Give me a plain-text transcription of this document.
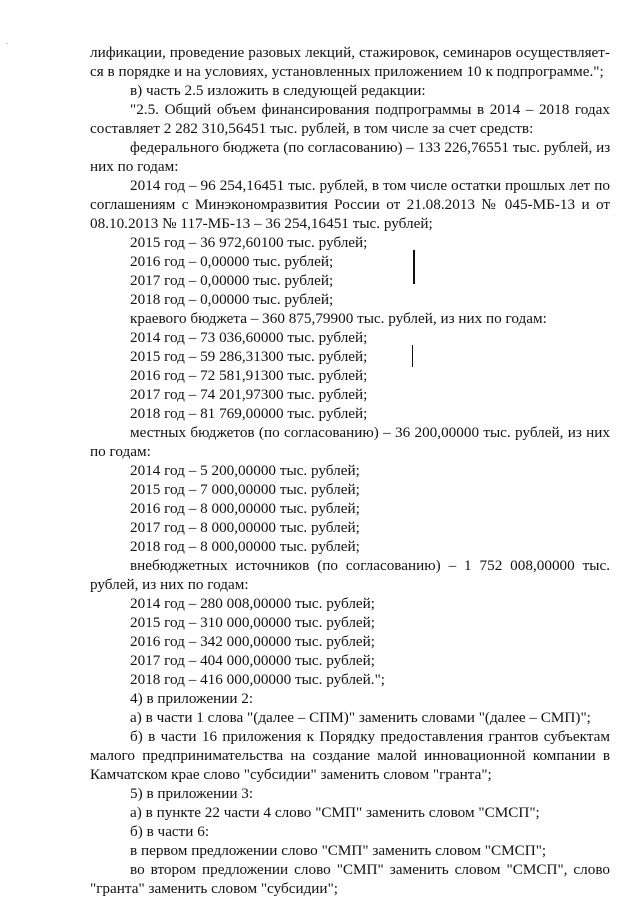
.
лификации, проведение разовых лекций, стажировок, семинаров осуществляет-
ся в порядке и на условиях, установленных приложением 10 к подпрограмме.";
в) часть 2.5 изложить в следующей редакции:
"2.5. Общий объем финансирования подпрограммы в 2014 – 2018 годах
составляет 2 282 310,56451 тыс. рублей, в том числе за счет средств:
федерального бюджета (по согласованию) – 133 226,76551 тыс. рублей, из
них по годам:
2014 год – 96 254,16451 тыс. рублей, в том числе остатки прошлых лет по
соглашениям с Минэкономразвития России от 21.08.2013 № 045-МБ-13 и от
08.10.2013 № 117-МБ-13 – 36 254,16451 тыс. рублей;
2015 год – 36 972,60100 тыс. рублей;
2016 год – 0,00000 тыс. рублей;
2017 год – 0,00000 тыс. рублей;
2018 год – 0,00000 тыс. рублей;
краевого бюджета – 360 875,79900 тыс. рублей, из них по годам:
2014 год – 73 036,60000 тыс. рублей;
2015 год – 59 286,31300 тыс. рублей;
2016 год – 72 581,91300 тыс. рублей;
2017 год – 74 201,97300 тыс. рублей;
2018 год – 81 769,00000 тыс. рублей;
местных бюджетов (по согласованию) – 36 200,00000 тыс. рублей, из них
по годам:
2014 год – 5 200,00000 тыс. рублей;
2015 год – 7 000,00000 тыс. рублей;
2016 год – 8 000,00000 тыс. рублей;
2017 год – 8 000,00000 тыс. рублей;
2018 год – 8 000,00000 тыс. рублей;
внебюджетных источников (по согласованию) – 1 752 008,00000 тыс.
рублей, из них по годам:
2014 год – 280 008,00000 тыс. рублей;
2015 год – 310 000,00000 тыс. рублей;
2016 год – 342 000,00000 тыс. рублей;
2017 год – 404 000,00000 тыс. рублей;
2018 год – 416 000,00000 тыс. рублей.";
4) в приложении 2:
а) в части 1 слова "(далее – СПМ)" заменить словами "(далее – СМП)";
б) в части 16 приложения к Порядку предоставления грантов субъектам
малого предпринимательства на создание малой инновационной компании в
Камчатском крае слово "субсидии" заменить словом "гранта";
5) в приложении 3:
а) в пункте 22 части 4 слово "СМП" заменить словом "СМСП";
б) в части 6:
в первом предложении слово "СМП" заменить словом "СМСП";
во втором предложении слово "СМП" заменить словом "СМСП", слово
"гранта" заменить словом "субсидии";
